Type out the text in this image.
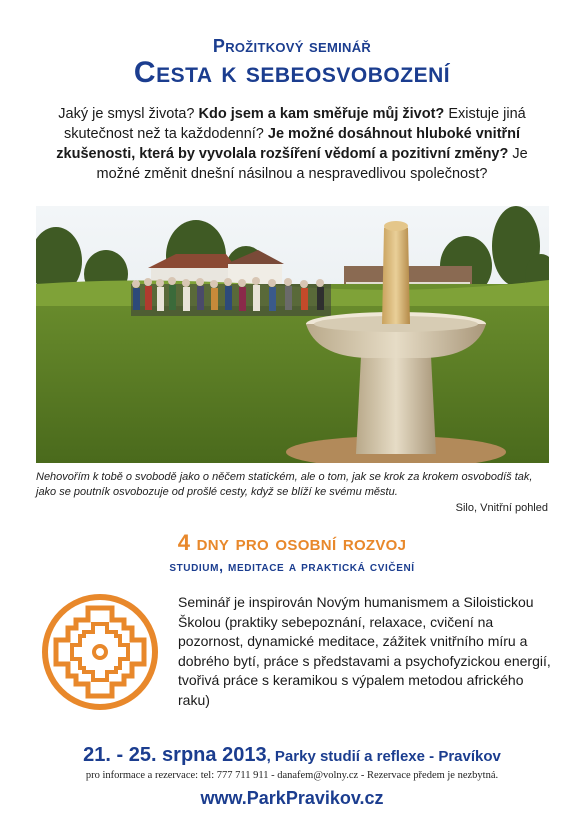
Prožitkový seminář
Cesta k sebeosvobození
Jaký je smysl života? Kdo jsem a kam směřuje můj život? Existuje jiná skutečnost než ta každodenní? Je možné dosáhnout hluboké vnitřní zkušenosti, která by vyvolala rozšíření vědomí a pozitivní změny? Je možné změnit dnešní násilnou a nespravedlivou společnost?
Nehovořím k tobě o svobodě jako o něčem statickém, ale o tom, jak se krok za krokem osvobodíš tak, jako se poutník osvobozuje od prošlé cesty, když se blíží ke svému městu.
Silo, Vnitřní pohled
4 dny pro osobní rozvoj
studium, meditace a praktická cvičení
Seminář je inspirován Novým humanismem a Siloistickou Školou (praktiky sebepoznání, relaxace, cvičení na pozornost, dynamické meditace, zážitek vnitřního míru a dobrého bytí, práce s představami a psychofyzickou energií, tvořivá práce s keramikou s výpalem metodou afrického raku)
21. - 25. srpna 2013, Parky studií a reflexe - Pravíkov
pro informace a rezervace: tel: 777 711 911 - danafem@volny.cz - Rezervace předem je nezbytná.
www.ParkPravikov.cz
